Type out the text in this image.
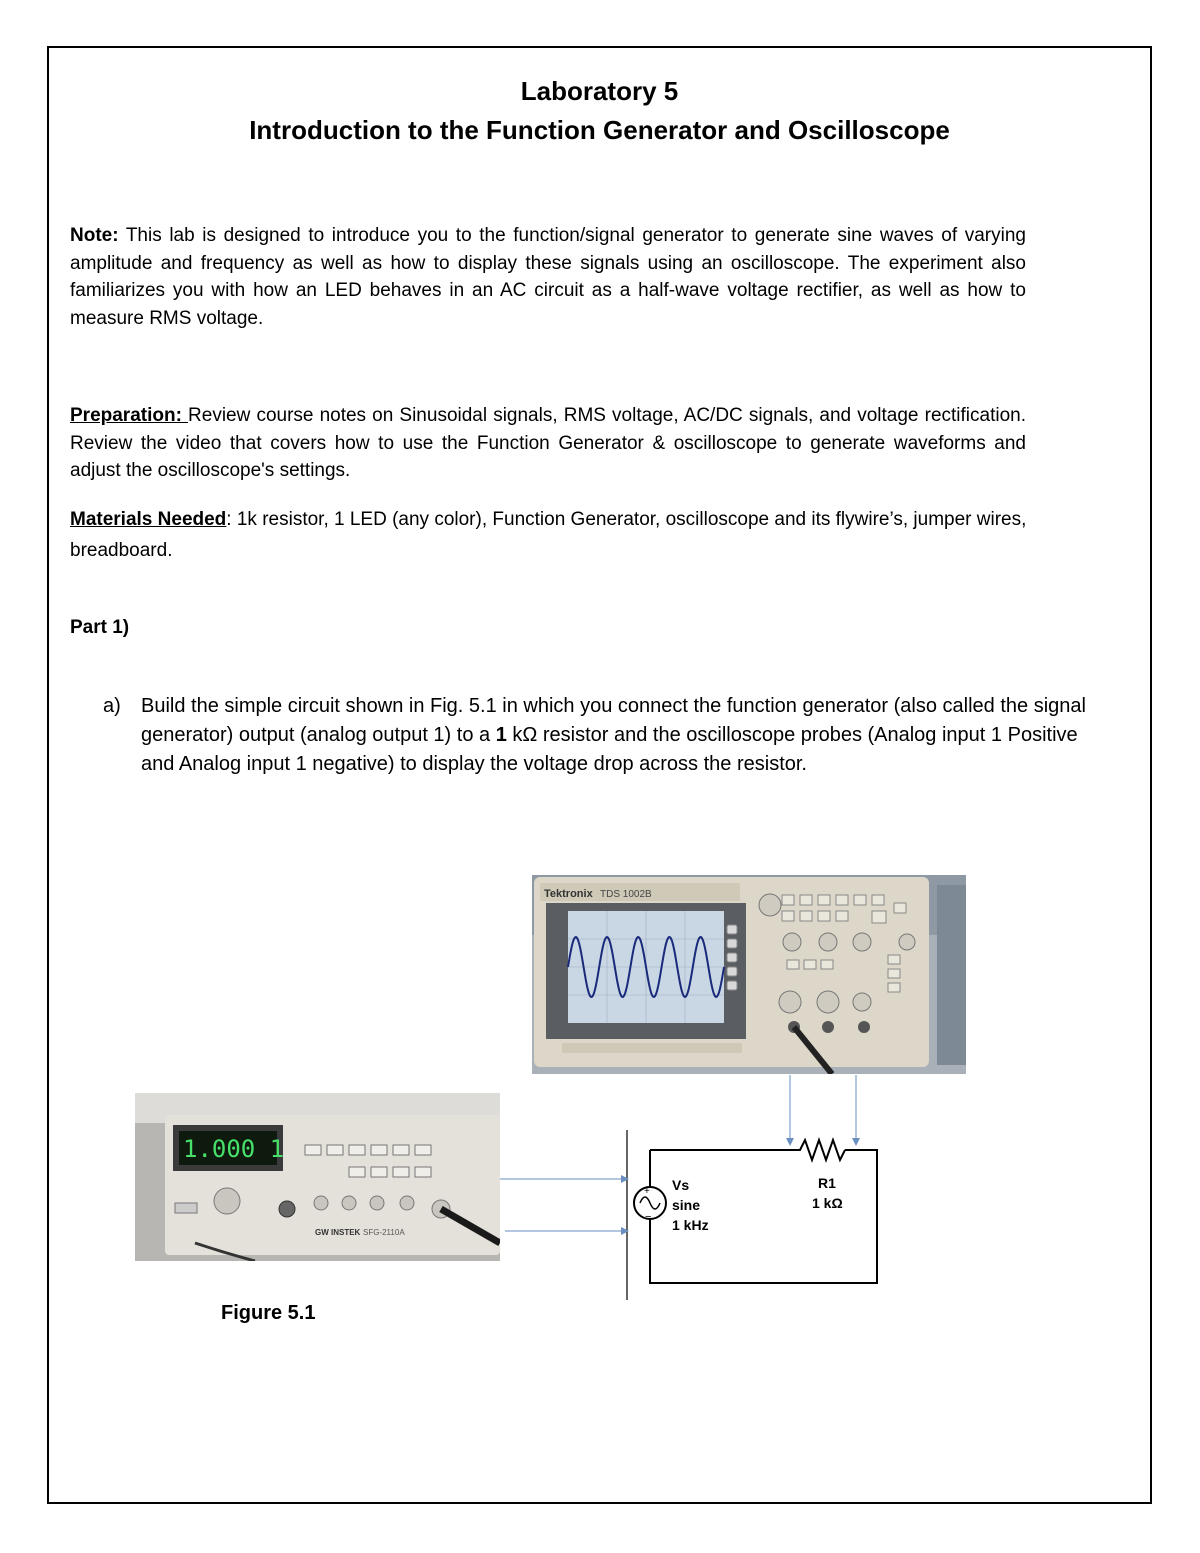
Laboratory 5
Introduction to the Function Generator and Oscilloscope
Note: This lab is designed to introduce you to the function/signal generator to generate sine waves of varying amplitude and frequency as well as how to display these signals using an oscilloscope. The experiment also familiarizes you with how an LED behaves in an AC circuit as a half-wave voltage rectifier, as well as how to measure RMS voltage.
Preparation: Review course notes on Sinusoidal signals, RMS voltage, AC/DC signals, and voltage rectification. Review the video that covers how to use the Function Generator & oscilloscope to generate waveforms and adjust the oscilloscope's settings.
Materials Needed: 1k resistor, 1 LED (any color), Function Generator, oscilloscope and its flywire’s, jumper wires, breadboard.
Part 1)
a) Build the simple circuit shown in Fig. 5.1 in which you connect the function generator (also called the signal generator) output (analog output 1) to a 1 kΩ resistor and the oscilloscope probes (Analog input 1 Positive and Analog input 1 negative) to display the voltage drop across the resistor.
Tektronix TDS 1002B
1.000 1
GW INSTEK SFG-2110A
+
−
Vs
sine
1 kHz
R1
1 kΩ
Figure 5.1
